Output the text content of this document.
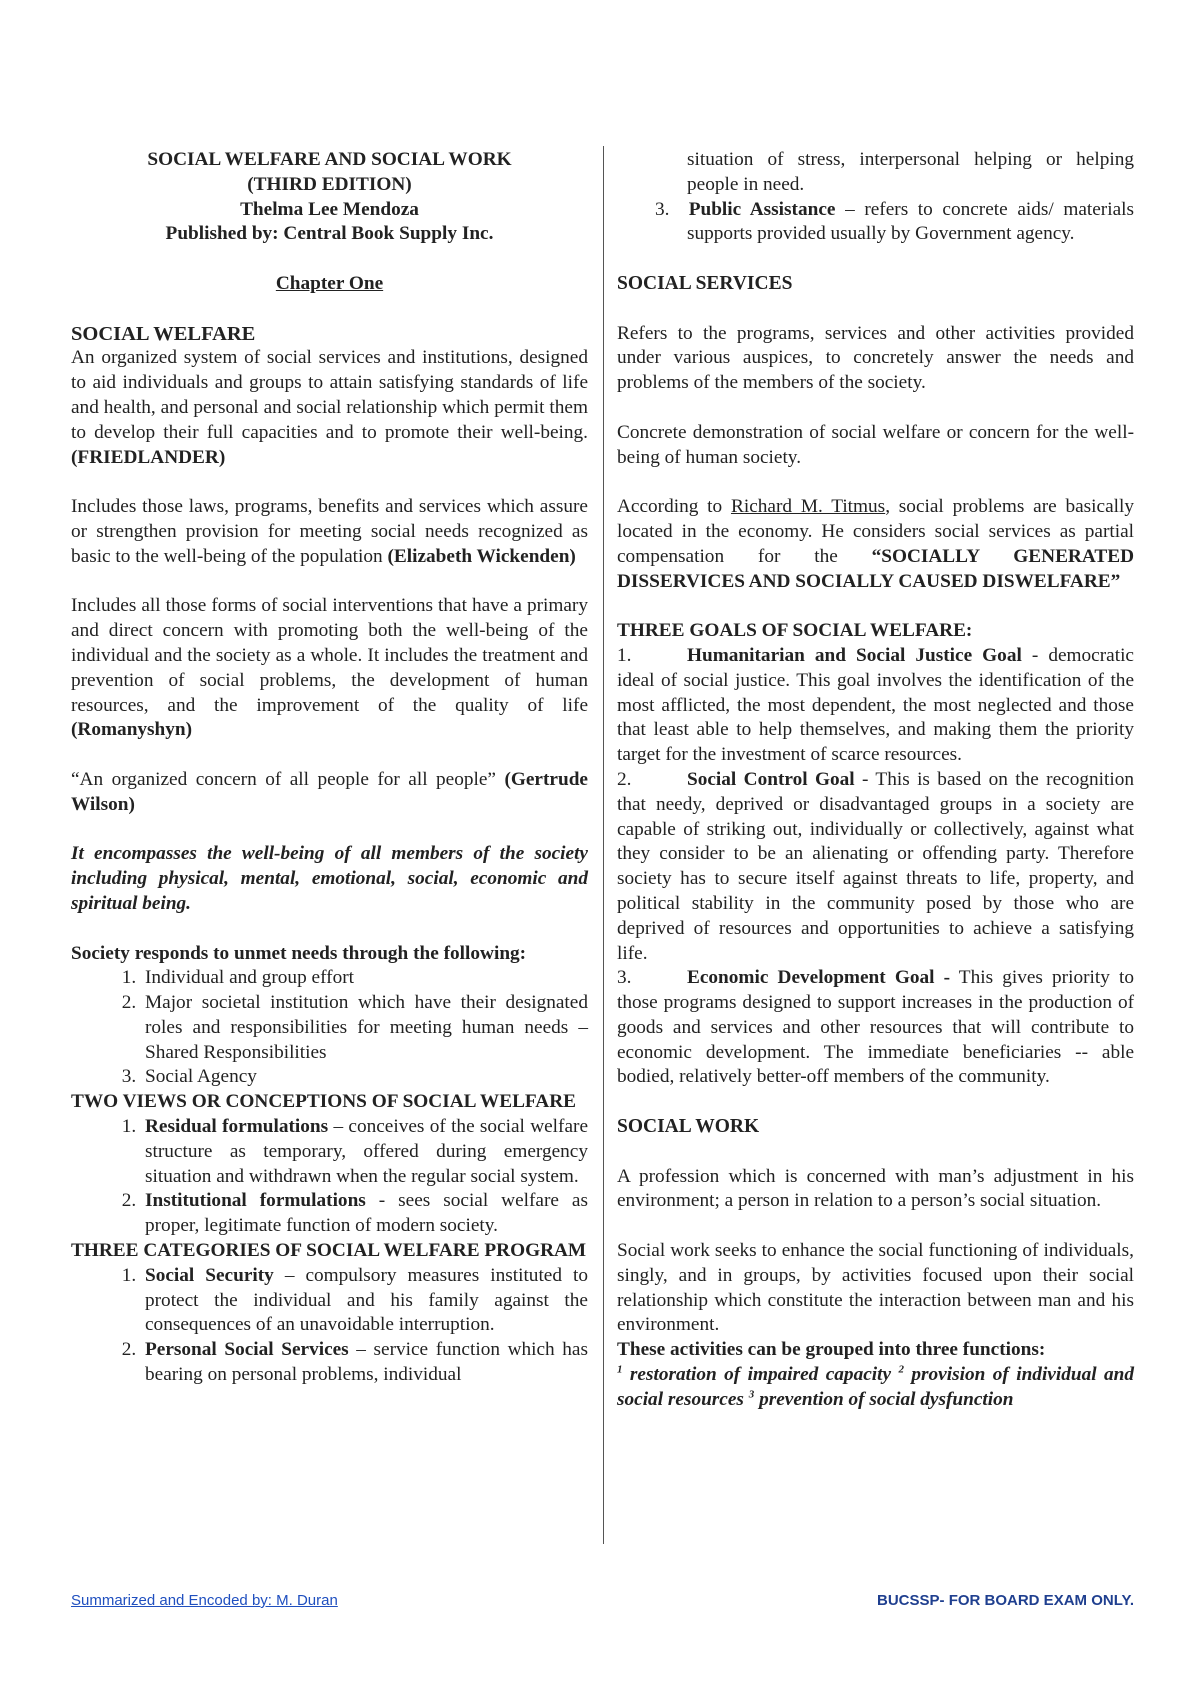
SOCIAL WELFARE AND SOCIAL WORK
(THIRD EDITION)
Thelma Lee Mendoza
Published by: Central Book Supply Inc.
Chapter One
SOCIAL WELFARE

An organized system of social services and institutions, designed to aid individuals and groups to attain satisfying standards of life and health, and personal and social relationship which permit them to develop their full capacities and to promote their well-being.(FRIEDLANDER)

Includes those laws, programs, benefits and services which assure or strengthen provision for meeting social needs recognized as basic to the well-being of the population (Elizabeth Wickenden)

Includes all those forms of social interventions that have a primary and direct concern with promoting both the well-being of the individual and the society as a whole. It includes the treatment and prevention of social problems, the development of human resources, and the improvement of the quality of life (Romanyshyn)

“An organized concern of all people for all people” (Gertrude Wilson)

It encompasses the well-being of all members of the society including physical, mental, emotional, social, economic and spiritual being.

Society responds to unmet needs through the following:
1. Individual and group effort
2. Major societal institution which have their designated roles and responsibilities for meeting human needs – Shared Responsibilities
3. Social Agency
TWO VIEWS OR CONCEPTIONS OF SOCIAL WELFARE
1. Residual formulations – conceives of the social welfare structure as temporary, offered during emergency situation and withdrawn when the regular social system.
2. Institutional formulations - sees social welfare as proper, legitimate function of modern society.
THREE CATEGORIES OF SOCIAL WELFARE PROGRAM
1. Social Security – compulsory measures instituted to protect the individual and his family against the consequences of an unavoidable interruption.
2. Personal Social Services – service function which has bearing on personal problems, individual
situation of stress, interpersonal helping or helping people in need.
3. Public Assistance – refers to concrete aids/ materials supports provided usually by Government agency.
SOCIAL SERVICES

Refers to the programs, services and other activities provided under various auspices, to concretely answer the needs and problems of the members of the society.

Concrete demonstration of social welfare or concern for the well-being of human society.

According to Richard M. Titmus, social problems are basically located in the economy. He considers social services as partial compensation for the “SOCIALLY GENERATED DISSERVICES AND SOCIALLY CAUSED DISWELFARE”

THREE GOALS OF SOCIAL WELFARE:

1.	Humanitarian and Social Justice Goal - democratic ideal of social justice. This goal involves the identification of the most afflicted, the most dependent, the most neglected and those that least able to help themselves, and making them the priority target for the investment of scarce resources.

2.	Social Control Goal - This is based on the recognition that needy, deprived or disadvantaged groups in a society are capable of striking out, individually or collectively, against what they consider to be an alienating or offending party. Therefore society has to secure itself against threats to life, property, and political stability in the community posed by those who are deprived of resources and opportunities to achieve a satisfying life.

3.	Economic Development Goal - This gives priority to those programs designed to support increases in the production of goods and services and other resources that will contribute to economic development. The immediate beneficiaries -- able bodied, relatively better-off members of the community.

SOCIAL WORK

A profession which is concerned with man’s adjustment in his environment; a person in relation to a person’s social situation.

Social work seeks to enhance the social functioning of individuals, singly, and in groups, by activities focused upon their social relationship which constitute the interaction between man and his environment.

These activities can be grouped into three functions:

$^1$ restoration of impaired capacity $^2$ provision of individual and social resources $^3$ prevention of social dysfunction

Summarized and Encoded by: M. Duran	BUCSSP- FOR BOARD EXAM ONLY.
